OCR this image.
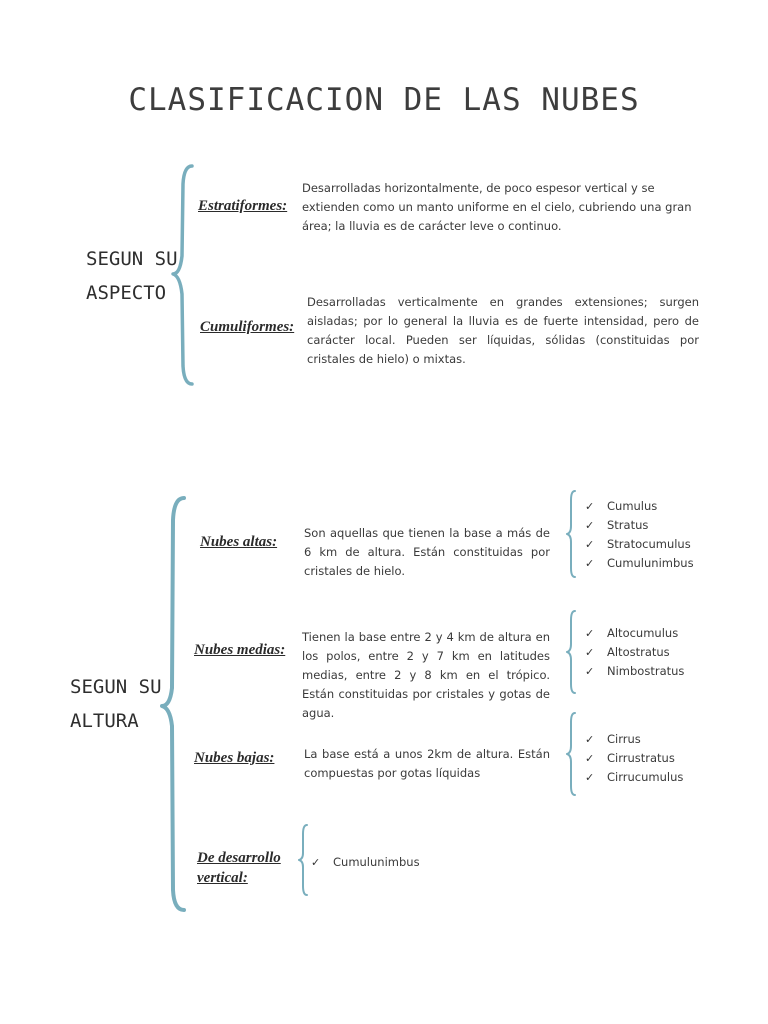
CLASIFICACION DE LAS NUBES
SEGUN SU
ASPECTO
Estratiformes:
Desarrolladas horizontalmente, de poco espesor vertical y se extienden como un manto uniforme en el cielo, cubriendo una gran área; la lluvia es de carácter leve o continuo.
Cumuliformes:
Desarrolladas verticalmente en grandes extensiones; surgen aisladas; por lo general la lluvia es de fuerte intensidad, pero de carácter local. Pueden ser líquidas, sólidas (constituidas por cristales de hielo) o mixtas.
SEGUN SU
ALTURA
Nubes altas:
Son aquellas que tienen la base a más de 6 km de altura. Están constituidas por cristales de hielo.
✓ Cumulus
✓ Stratus
✓ Stratocumulus
✓ Cumulunimbus
Nubes medias:
Tienen la base entre 2 y 4 km de altura en los polos, entre 2 y 7 km en latitudes medias, entre 2 y 8 km en el trópico. Están constituidas por cristales y gotas de agua.
✓ Altocumulus
✓ Altostratus
✓ Nimbostratus
Nubes bajas:	La base está a unos 2km de altura. Están compuestas por gotas líquidas
✓ Cirrus
✓ Cirrustratus
✓ Cirrucumulus
De desarrollo vertical:
✓ Cumulunimbus
